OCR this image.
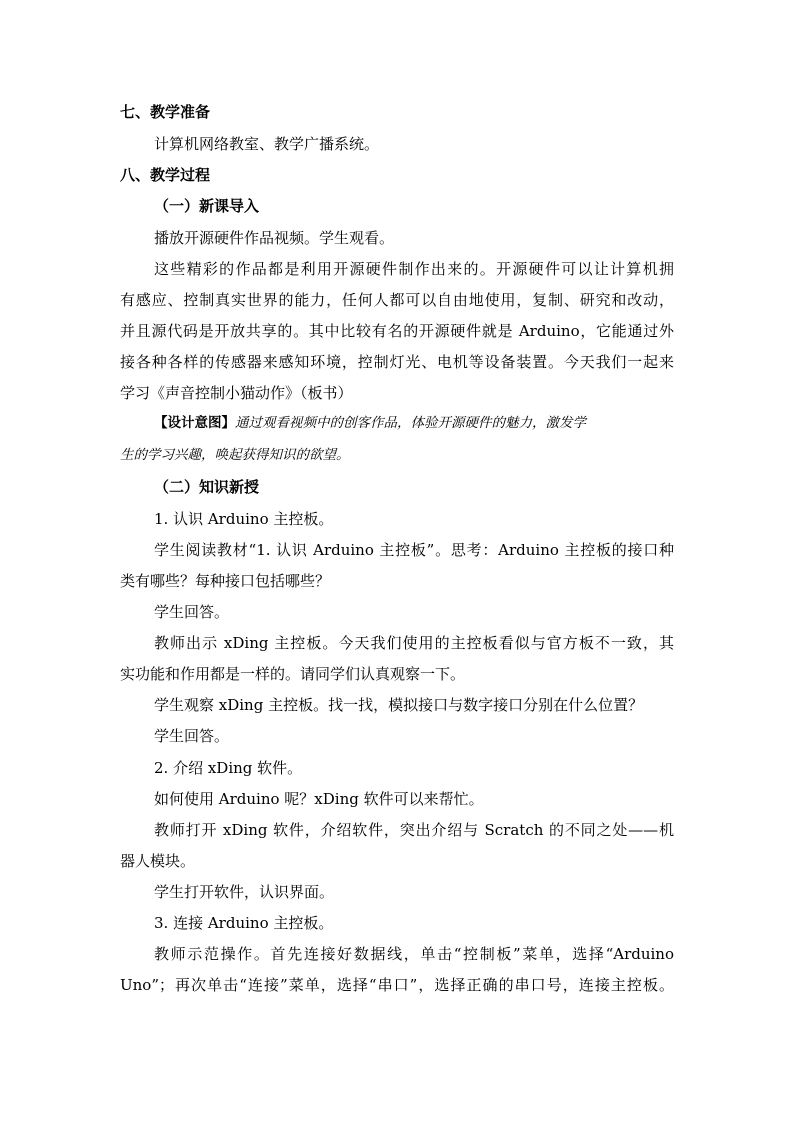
七、教学准备
计算机网络教室、教学广播系统。
八、教学过程
（一）新课导入
播放开源硬件作品视频。学生观看。
这些精彩的作品都是利用开源硬件制作出来的。开源硬件可以让计算机拥
有感应、控制真实世界的能力，任何人都可以自由地使用，复制、研究和改动，
并且源代码是开放共享的。其中比较有名的开源硬件就是 Arduino，它能通过外
接各种各样的传感器来感知环境，控制灯光、电机等设备装置。今天我们一起来
学习《声音控制小猫动作》（板书）
【设计意图】通过观看视频中的创客作品，体验开源硬件的魅力，激发学
生的学习兴趣，唤起获得知识的欲望。
（二）知识新授
1. 认识 Arduino 主控板。
学生阅读教材“1. 认识 Arduino 主控板”。思考：Arduino 主控板的接口种
类有哪些？每种接口包括哪些？
学生回答。
教师出示 xDing 主控板。今天我们使用的主控板看似与官方板不一致，其
实功能和作用都是一样的。请同学们认真观察一下。
学生观察 xDing 主控板。找一找，模拟接口与数字接口分别在什么位置？
学生回答。
2. 介绍 xDing 软件。
如何使用 Arduino 呢？xDing 软件可以来帮忙。
教师打开 xDing 软件，介绍软件，突出介绍与 Scratch 的不同之处——机
器人模块。
学生打开软件，认识界面。
3. 连接 Arduino 主控板。
教师示范操作。首先连接好数据线，单击“控制板”菜单，选择“Arduino
Uno”；再次单击“连接”菜单，选择“串口”，选择正确的串口号，连接主控板。
